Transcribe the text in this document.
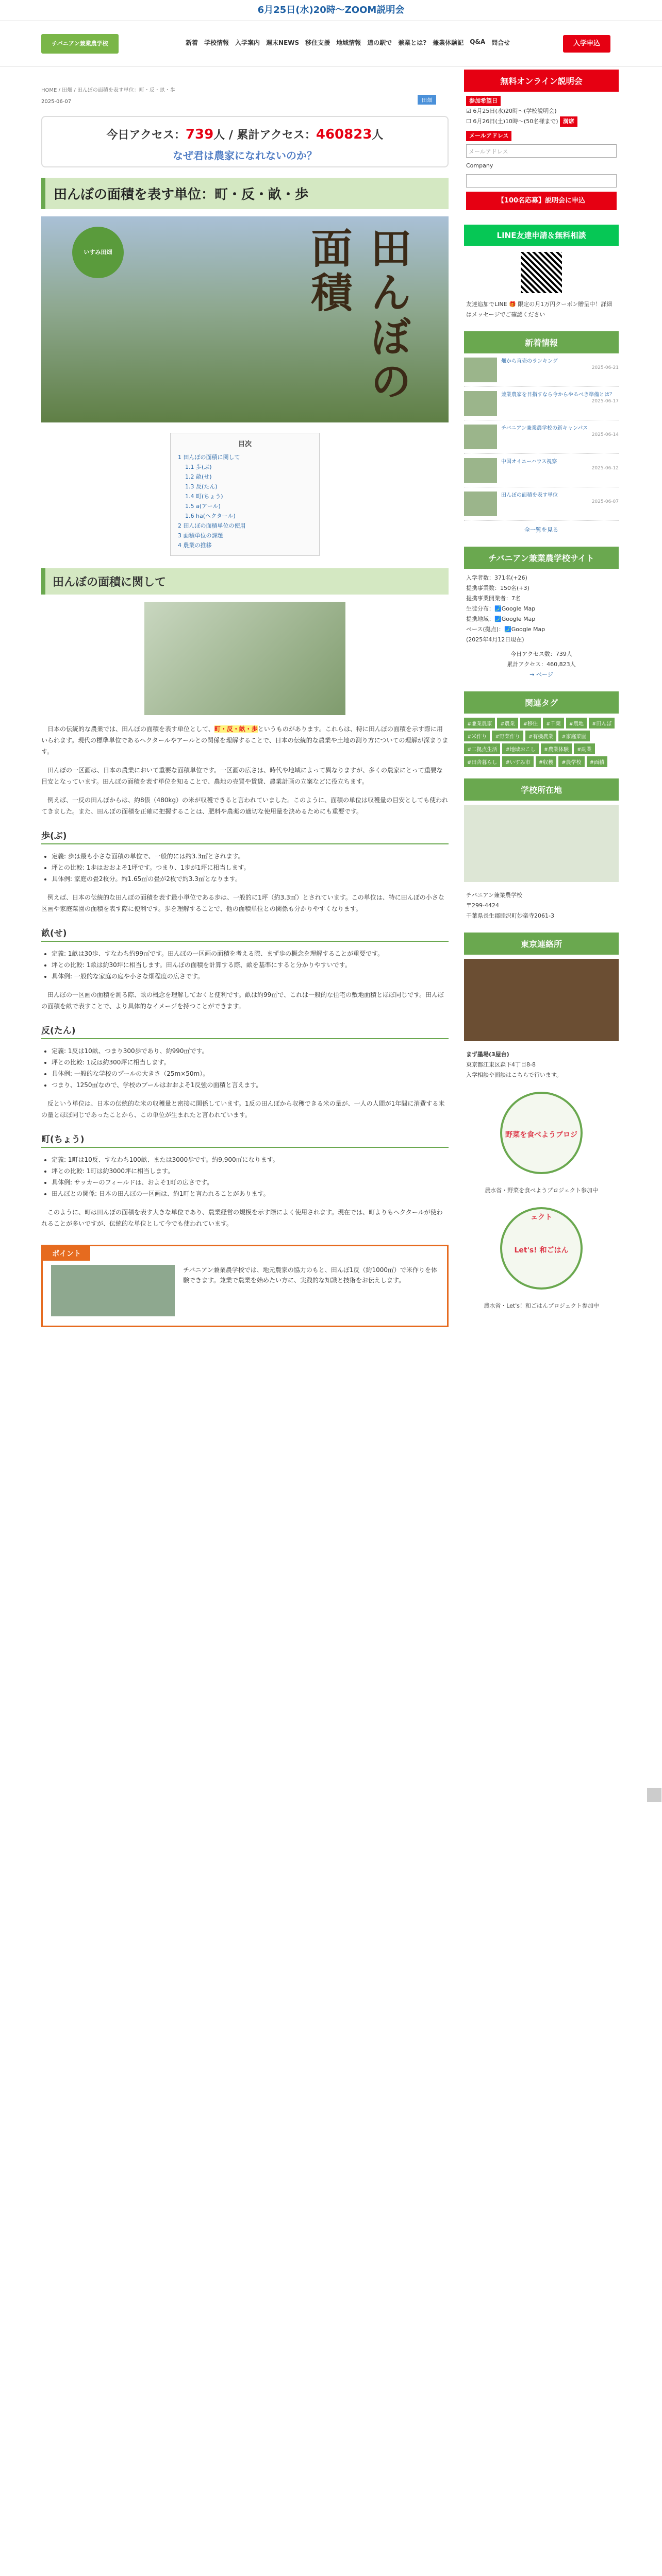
6月25日(水)20時～ZOOM説明会
チバニアン兼業農学校	新着 学校情報 入学案内 週末NEWS 移住支援 地域情報 道の駅で 兼業とは? 兼業体験記 Q&A 問合せ	入学申込
HOME / 田畑 / 田んぼの面積を表す単位：町・反・畝・歩
2025-06-07	田畑
今日アクセス：739人 / 累計アクセス：460823人
なぜ君は農家になれないのか？
田んぼの面積を表す単位：町・反・畝・歩
いすみ田畑	田んぼの面積
目次
1 田んぼの面積に関して
1.1 歩(ぶ)
1.2 畝(せ)
1.3 反(たん)
1.4 町(ちょう)
1.5 a(アール)
1.6 ha(ヘクタール)
2 田んぼの面積単位の使用
3 面積単位の課題
4 農業の推移
田んぼの面積に関して

日本の伝統的な農業では、田んぼの面積を表す単位として、町・反・畝・歩というものがあります。これらは、特に田んぼの面積を示す際に用いられます。現代の標準単位であるヘクタールやアールとの関係を理解することで、日本の伝統的な農業や土地の測り方についての理解が深まります。

田んぼの一区画は、日本の農業において重要な面積単位です。一区画の広さは、時代や地域によって異なりますが、多くの農家にとって重要な目安となっています。田んぼの面積を表す単位を知ることで、農地の売買や賃貸、農業計画の立案などに役立ちます。

例えば、一反の田んぼからは、約8俵（480kg）の米が収穫できると言われていました。このように、面積の単位は収穫量の目安としても使われてきました。また、田んぼの面積を正確に把握することは、肥料や農薬の適切な使用量を決めるためにも重要です。

歩(ぶ)
• 定義: 歩は最も小さな面積の単位で、一般的には約3.3㎡とされます。
• 坪との比較: 1歩はおおよそ1坪です。つまり、1歩が1坪に相当します。
• 具体例: 家庭の畳2枚分。約1.65㎡の畳が2枚で約3.3㎡となります。

例えば、日本の伝統的な田んぼの面積を表す最小単位である歩は、一般的に1坪（約3.3㎡）とされています。この単位は、特に田んぼの小さな区画や家庭菜園の面積を表す際に便利です。歩を理解することで、他の面積単位との関係も分かりやすくなります。

畝(せ)
• 定義: 1畝は30歩、すなわち約99㎡です。田んぼの一区画の面積を考える際、まず歩の概念を理解することが重要です。
• 坪との比較: 1畝は約30坪に相当します。田んぼの面積を計算する際、畝を基準にすると分かりやすいです。
• 具体例: 一般的な家庭の庭や小さな畑程度の広さです。

田んぼの一区画の面積を測る際、畝の概念を理解しておくと便利です。畝は約99㎡で、これは一般的な住宅の敷地面積とほぼ同じです。田んぼの面積を畝で表すことで、より具体的なイメージを持つことができます。

反(たん)
• 定義: 1反は10畝、つまり300歩であり、約990㎡です。
• 坪との比較: 1反は約300坪に相当します。
• 具体例: 一般的な学校のプールの大きさ（25m×50m）。
• つまり、1250㎡なので、学校のプールはおおよそ1反強の面積と言えます。

反という単位は、日本の伝統的な米の収穫量と密接に関係しています。1反の田んぼから収穫できる米の量が、一人の人間が1年間に消費する米の量とほぼ同じであったことから、この単位が生まれたと言われています。

町(ちょう)
• 定義: 1町は10反、すなわち100畝、または3000歩です。約9,900㎡になります。
• 坪との比較: 1町は約3000坪に相当します。
• 具体例: サッカーのフィールドは、およそ1町の広さです。
• 田んぼとの関係: 日本の田んぼの一区画は、約1町と言われることがあります。

このように、町は田んぼの面積を表す大きな単位であり、農業経営の規模を示す際によく使用されます。現在では、町よりもヘクタールが使われることが多いですが、伝統的な単位として今でも使われています。

ポイント
チバニアン兼業農学校では、地元農家の協力のもと、田んぼ1反（約1000㎡）で米作りを体験できます。兼業で農業を始めたい方に、実践的な知識と技術をお伝えします。
無料オンライン説明会
参加希望日
☑ 6月25日(水)20時～(学校説明会)
☐ 6月26日(土)10時～(50名様まで) 満席
メールアドレス
メールアドレス
Company
【100名応募】説明会に申込
LINE友達申請＆無料相談
友達追加でLINE 🎁 限定の月1万円クーポン贈呈中！詳細はメッセージでご確認ください
新着情報
畑から直売のランキング
2025-06-21
兼業農家を目指すなら今からやるべき準備とは？
2025-06-17
チバニアン兼業農学校の新キャンパス
2025-06-14
中国オイニーハウス視察
2025-06-12
田んぼの面積を表す単位
2025-06-07
全一覧を見る
チバニアン兼業農学校サイト
入学者数：371名(+26)
提携事業数：150名(+3)
提携事業開業者：7名
生徒分布：🗾Google Map
提携地域：🗾Google Map
ベース(拠点)：🗾Google Map
(2025年4月12日現在)
今日アクセス数：739人
累計アクセス：460,823人
→ ページ
関連タグ
#兼業農家	#農業	#移住	#千葉	#農地	#田んぼ
#米作り	#野菜作り	#有機農業	#家庭菜園
#二拠点生活	#地域おこし	#農業体験	#副業
#田舎暮らし	#いすみ市	#収穫	#農学校	#面積
学校所在地
チバニアン兼業農学校
〒299-4424
千葉県長生郡睦沢町妙楽寺2061-3
東京連絡所
まず墨場(3屋台)
東京都江東区森下4丁目8-8
入学相談や面談はこちらで行います。
野菜を食べようプロジ
農水省・野菜を食べようプロジェクト参加中
Let's! 和ごはん
農水省・Let's！和ごはんプロジェクト参加中
